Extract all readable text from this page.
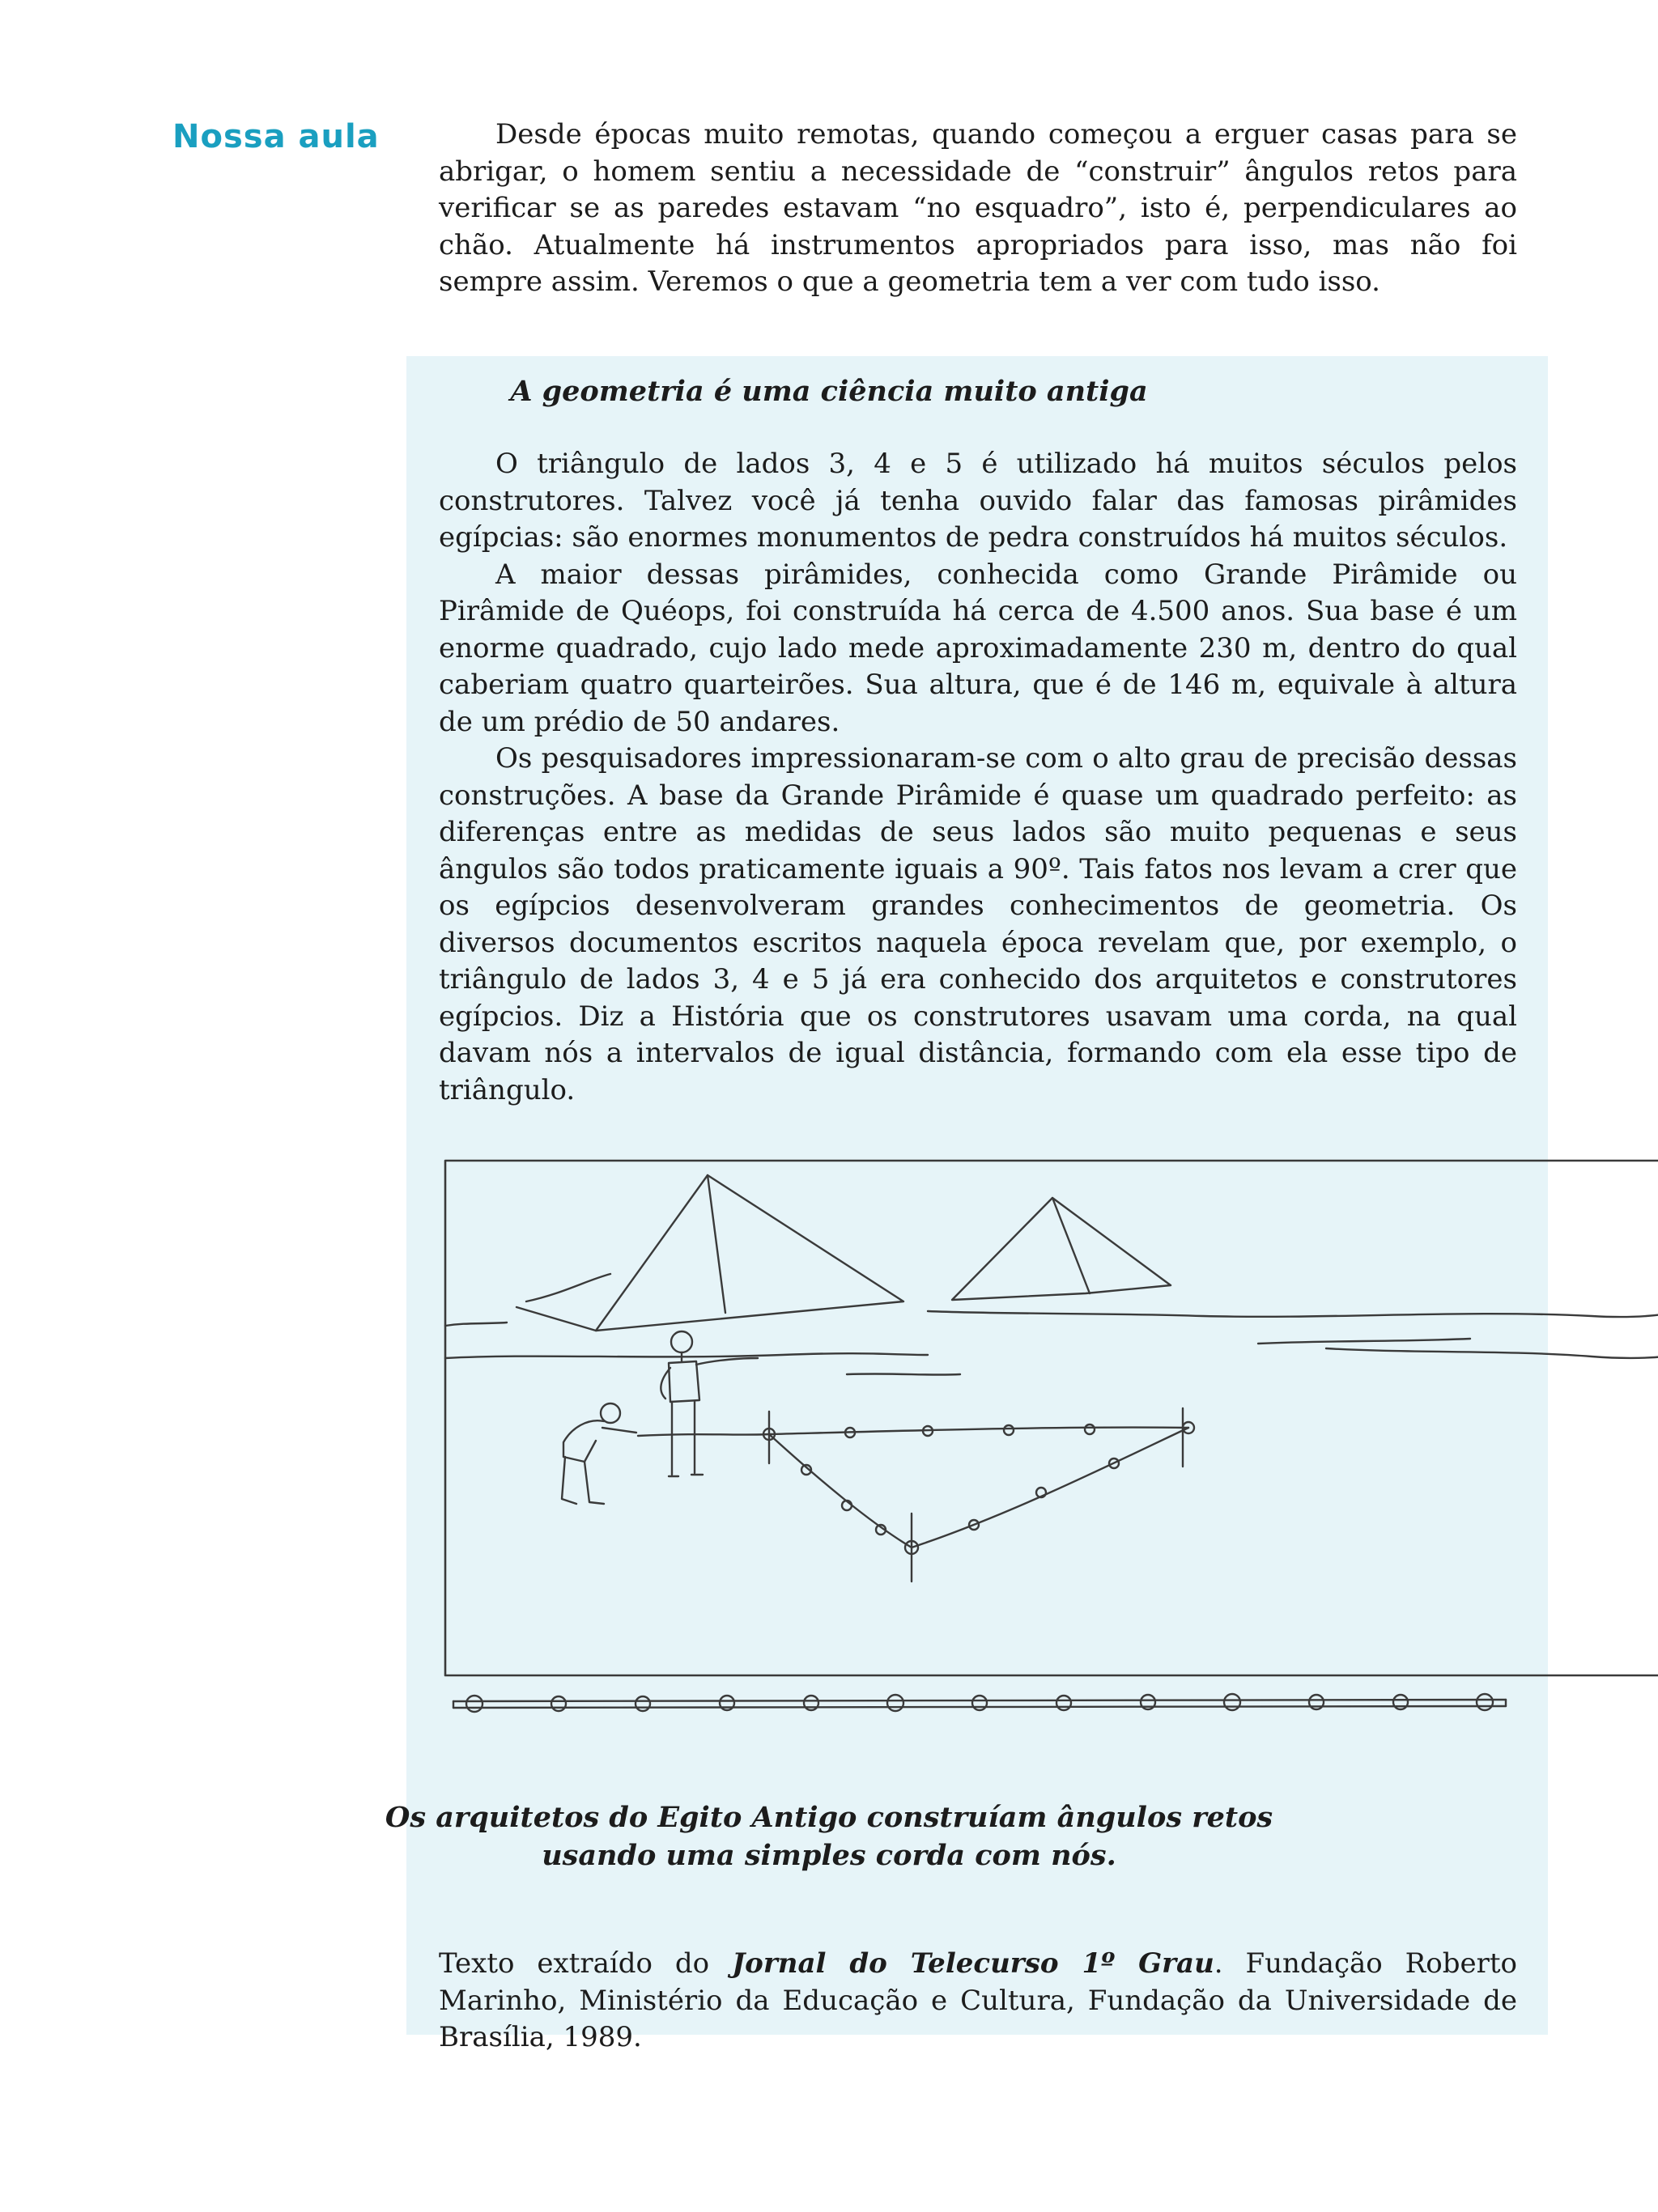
Nossa aula	Desde épocas muito remotas, quando começou a erguer casas para se abrigar, o homem sentiu a necessidade de “construir” ângulos retos para verificar se as paredes estavam “no esquadro”, isto é, perpendiculares ao chão. Atualmente há instrumentos apropriados para isso, mas não foi sempre assim. Veremos o que a geometria tem a ver com tudo isso.

A geometria é uma ciência muito antiga

O triângulo de lados 3, 4 e 5 é utilizado há muitos séculos pelos construtores. Talvez você já tenha ouvido falar das famosas pirâmides egípcias: são enormes monumentos de pedra construídos há muitos séculos.

A maior dessas pirâmides, conhecida como Grande Pirâmide ou Pirâmide de Quéops, foi construída há cerca de 4.500 anos. Sua base é um enorme quadrado, cujo lado mede aproximadamente 230 m, dentro do qual caberiam quatro quarteirões. Sua altura, que é de 146 m, equivale à altura de um prédio de 50 andares.

Os pesquisadores impressionaram-se com o alto grau de precisão dessas construções. A base da Grande Pirâmide é quase um quadrado perfeito: as diferenças entre as medidas de seus lados são muito pequenas e seus ângulos são todos praticamente iguais a 90º. Tais fatos nos levam a crer que os egípcios desenvolveram grandes conhecimentos de geometria. Os diversos documentos escritos naquela época revelam que, por exemplo, o triângulo de lados 3, 4 e 5 já era conhecido dos arquitetos e construtores egípcios. Diz a História que os construtores usavam uma corda, na qual davam nós a intervalos de igual distância, formando com ela esse tipo de triângulo.

Os arquitetos do Egito Antigo construíam ângulos retos
usando uma simples corda com nós.

Texto extraído do Jornal do Telecurso 1º Grau. Fundação Roberto Marinho, Ministério da Educação e Cultura, Fundação da Universidade de Brasília, 1989.
